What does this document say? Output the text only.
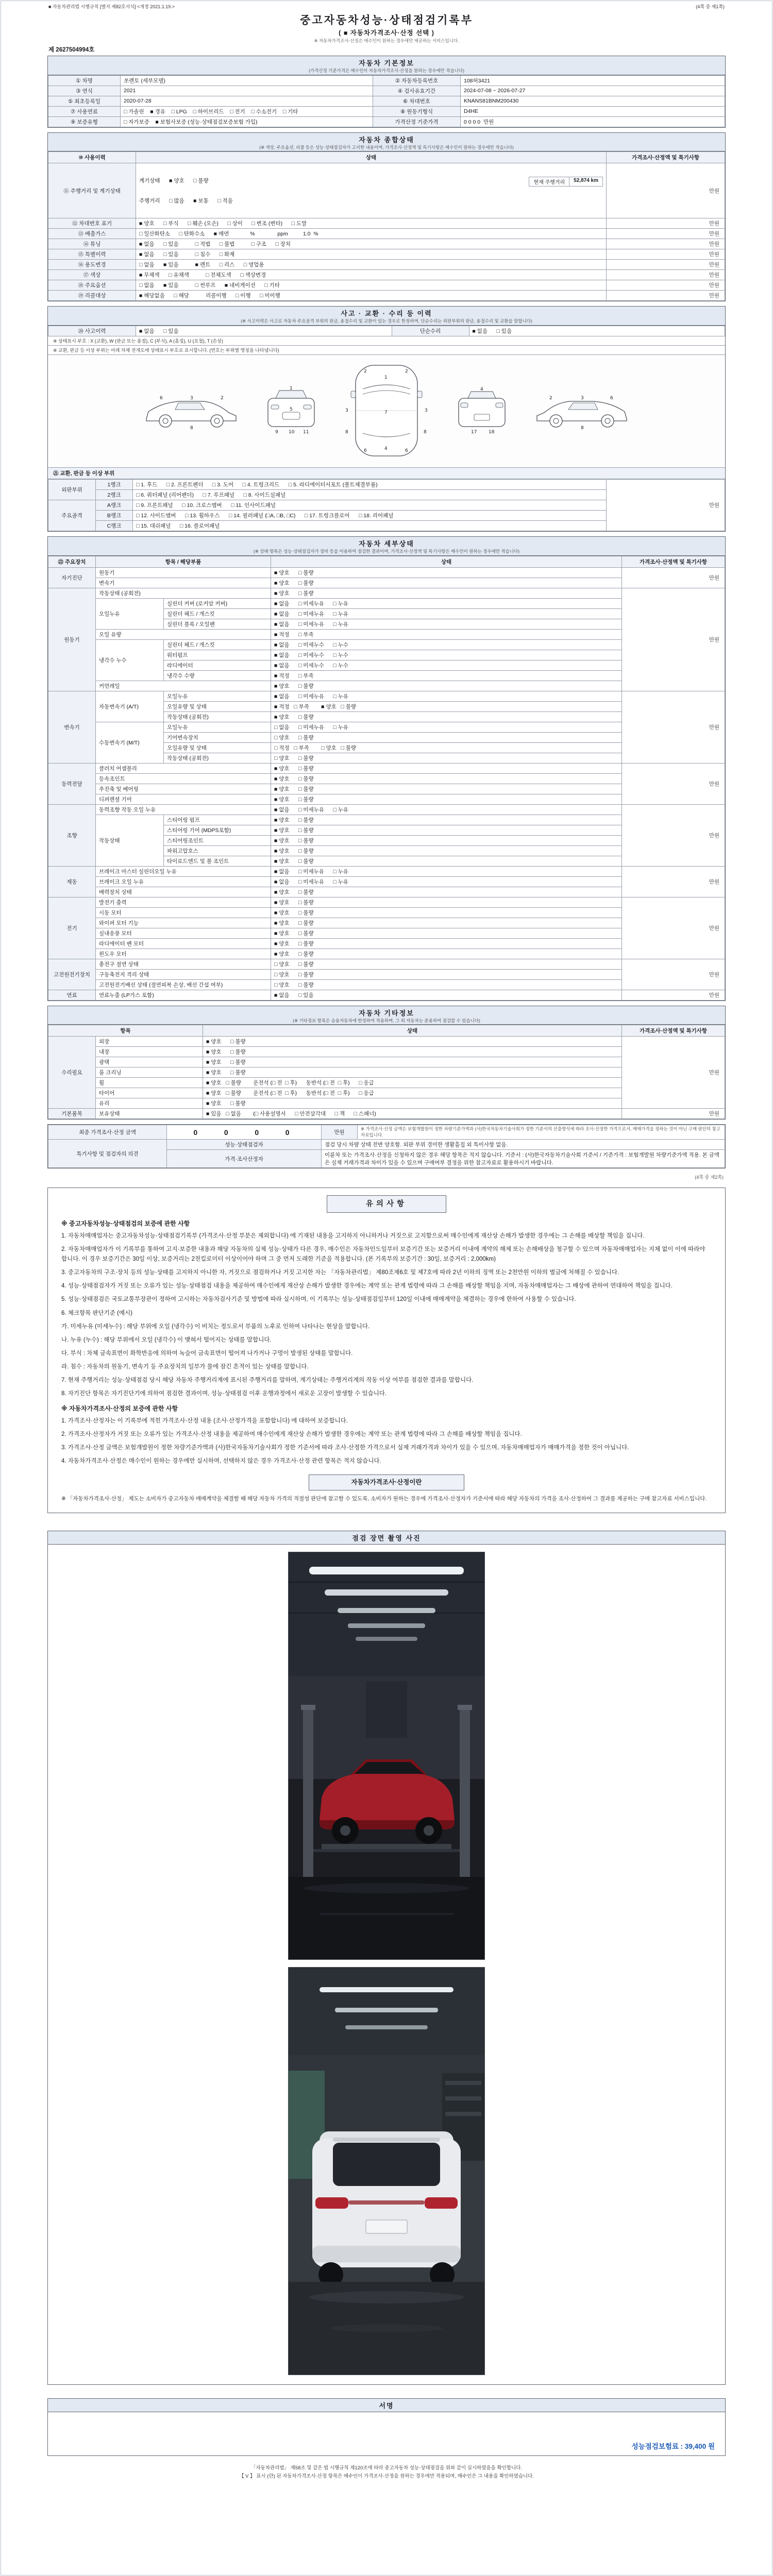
■ 자동차관리법 시행규칙 [별지 제82호서식] <개정 2021.1.19.>	(4쪽 중 제1쪽)
중고자동차성능·상태점검기록부
( ■ 자동차가격조사·산정 선택 )
※ 자동차가격조사·산정은 매수인이 원하는 경우에만 제공하는 서비스입니다.
제 2627504994호
자동차 기본정보
(가격산정 기준가격은 매수인이 자동차가격조사·산정을 원하는 경우에만 적습니다)
① 차명	쏘렌토 (세부모델)	② 자동차등록번호	108허3421
③ 연식	2021	④ 검사유효기간	2024-07-08 ~ 2026-07-27
⑤ 최초등록일	2020-07-28	⑥ 차대번호	KNANS81BNM200430
⑦ 사용연료	□ 가솔린    ■ 경유    □ LPG    □ 하이브리드    □ 전기    □ 수소전기    □ 기타	⑧ 원동기형식	D4HE
⑨ 보증유형	□ 자가보증    ■ 보험사보증 (성능·상태점검보증보험 가입)	가격산정 기준가격	0 0 0 0  만원
자동차 종합상태
(※ 색상, 주요옵션, 리콜 등은 성능·상태점검자가 고지한 내용이며, 가격조사·산정액 및 특기사항은 매수인이 원하는 경우에만 적습니다)
⑩ 사용이력	상태	가격조사·산정액 및 특기사항
⑪ 주행거리 및 계기상태	현재 주행거리 52,874 km
계기상태      ■ 양호      □ 불량

주행거리      □ 많음      ■ 보통      □ 적음	만원
⑫ 차대번호 표기	■ 양호      □ 부식      □ 훼손 (오손)      □ 상이      □ 변조 (변타)      □ 도말	만원
⑬ 배출가스	□ 일산화탄소      □ 탄화수소      ■ 매연              %               ppm          1.0  %	만원
⑭ 튜닝	■ 없음      □ 있음           □ 적법      □ 불법           □ 구조      □ 장치	만원
⑮ 특별이력	■ 없음      □ 있음           □ 침수      □ 화재	만원
⑯ 용도변경	□ 없음      ■ 있음           ■ 렌트      □ 리스      □ 영업용	만원
⑰ 색상	■ 무채색      □ 유채색           □ 전체도색      □ 색상변경	만원
⑱ 주요옵션	□ 없음      ■ 있음           □ 썬루프      ■ 네비게이션      □ 기타	만원
⑲ 리콜대상	■ 해당없음      □ 해당           리콜이행      □ 이행      □ 미이행	만원
사고 · 교환 · 수리 등 이력
(※ 사고이력은 사고로 자동차 주요골격 부위의 판금, 용접수리 및 교환이 있는 경우로 한정하며, 단순수리는 외판부위의 판금, 용접수리 및 교환을 말합니다)
⑳ 사고이력	■ 없음      □ 있음	단순수리	■ 없음      □ 있음
※ 상태표시 부호 : X (교환), W (판금 또는 용접), C (부식), A (흠집), U (요철), T (손상)
※ 교환, 판금 등 이상 부위는 아래 차체 전개도에 상태표시 부호로 표시합니다. (번호는 부위별 명칭을 나타냅니다)
2
3
6
8
1
5
9 10 11
1
7
4
2	2
3	3
6	6
8	8
4
17	18
2	3	6
8
㉑ 교환, 판금 등 이상 부위
외판부위	1랭크	□ 1. 후드      □ 2. 프론트펜더      □ 3. 도어      □ 4. 트렁크리드      □ 5. 라디에이터서포트 (볼트체결부품)	만원
	2랭크	□ 6. 쿼터패널 (리어펜더)      □ 7. 루프패널      □ 8. 사이드실패널	
주요골격	A랭크	□ 9. 프론트패널      □ 10. 크로스멤버      □ 11. 인사이드패널	
	B랭크	□ 12. 사이드멤버      □ 13. 휠하우스      □ 14. 필러패널 (□A, □B, □C)      □ 17. 트렁크플로어      □ 18. 리어패널	
	C랭크	□ 15. 대쉬패널      □ 16. 플로어패널	
자동차 세부상태
(※ 상태 항목은 성능·상태점검자가 장비 등을 이용하여 점검한 결과이며, 가격조사·산정액 및 특기사항은 매수인이 원하는 경우에만 적습니다)
㉒ 주요장치	항목 / 해당부품		상태	가격조사·산정액 및 특기사항
자기진단	원동기		■ 양호      □ 불량	만원
	변속기		■ 양호      □ 불량	
원동기	작동상태 (공회전)		■ 양호      □ 불량	만원
	오일누유	실린더 커버 (로커암 커버)	■ 없음      □ 미세누유      □ 누유	
		실린더 헤드 / 개스킷	■ 없음      □ 미세누유      □ 누유	
		실린더 블록 / 오일팬	■ 없음      □ 미세누유      □ 누유	
	오일 유량		■ 적정      □ 부족	
	냉각수 누수	실린더 헤드 / 개스킷	■ 없음      □ 미세누수      □ 누수	
		워터펌프	■ 없음      □ 미세누수      □ 누수	
		라디에이터	■ 없음      □ 미세누수      □ 누수	
		냉각수 수량	■ 적정      □ 부족	
	커먼레일		■ 양호      □ 불량	
변속기	자동변속기 (A/T)	오일누유	■ 없음      □ 미세누유      □ 누유	만원
		오일유량 및 상태	■ 적정   □ 부족        ■ 양호   □ 불량	
		작동상태 (공회전)	■ 양호      □ 불량	
	수동변속기 (M/T)	오일누유	□ 없음      □ 미세누유      □ 누유	
		기어변속장치	□ 양호      □ 불량	
		오일유량 및 상태	□ 적정   □ 부족        □ 양호   □ 불량	
		작동상태 (공회전)	□ 양호      □ 불량	
동력전달	클러치 어셈블리		■ 양호      □ 불량	만원
	등속조인트		■ 양호      □ 불량	
	추진축 및 베어링		■ 양호      □ 불량	
	디퍼렌셜 기어		■ 양호      □ 불량	
조향	동력조향 작동 오일 누유		■ 없음      □ 미세누유      □ 누유	만원
	작동상태	스티어링 펌프	■ 양호      □ 불량	
		스티어링 기어 (MDPS포함)	■ 양호      □ 불량	
		스티어링조인트	■ 양호      □ 불량	
		파워고압호스	■ 양호      □ 불량	
		타이로드엔드 및 볼 조인트	■ 양호      □ 불량	
제동	브레이크 마스터 실린더오일 누유		■ 없음      □ 미세누유      □ 누유	만원
	브레이크 오일 누유		■ 없음      □ 미세누유      □ 누유	
	배력장치 상태		■ 양호      □ 불량	
전기	발전기 출력		■ 양호      □ 불량	만원
	시동 모터		■ 양호      □ 불량	
	와이퍼 모터 기능		■ 양호      □ 불량	
	실내송풍 모터		■ 양호      □ 불량	
	라디에이터 팬 모터		■ 양호      □ 불량	
	윈도우 모터		■ 양호      □ 불량	
고전원전기장치	충전구 절연 상태		□ 양호      □ 불량	만원
	구동축전지 격리 상태		□ 양호      □ 불량	
	고전원전기배선 상태 (절연피복 손상, 배선 간섭 여부)		□ 양호      □ 불량	
연료	연료누출 (LP가스 포함)		■ 없음      □ 있음	만원
자동차 기타정보
(※ 기타정보 항목은 승용자동차에 한정하여 적용하며, 그 외 자동차는 준용하여 점검할 수 있습니다)
항목		상태	가격조사·산정액 및 특기사항
수리필요	외장	■ 양호      □ 불량	만원
	내장	■ 양호      □ 불량	
	광택	■ 양호      □ 불량	
	룸 크리닝	■ 양호      □ 불량	
	휠	■ 양호   □ 불량        운전석 (□ 전  □ 후)      동반석 (□ 전  □ 후)      □ 응급	
	타이어	■ 양호   □ 불량        운전석 (□ 전  □ 후)      동반석 (□ 전  □ 후)      □ 응급	
	유리	■ 양호      □ 불량	
기본품목	보유상태	■ 있음   □ 없음        (□ 사용설명서      □ 안전삼각대      □ 잭      □ 스패너)	만원
최종 가격조사·산정 금액	0   0   0   0	만원	※ 가격조사·산정 금액은 보험개발원이 정한 차량기준가액과 (사)한국자동차기술사회가 정한 기준서의 산출방식에 따라 조사·산정한 가격으로서, 매매가격을 정하는 것이 아닌 구매 판단의 참고자료입니다.
특기사항 및 점검자의 의견	성능·상태점검자	점검 당시 차량 상태 전반 양호함. 외판 부위 경미한 생활흠집 외 특이사항 없음.	
	가격·조사산정자	이륜차 또는 가격조사·산정을 신청하지 않은 경우 해당 항목은 적지 않습니다. 기준서 : (사)한국자동차기술사회 기준서 / 기준가격 : 보험개발원 차량기준가액 적용. 본 금액은 실제 거래가격과 차이가 있을 수 있으며 구매여부 결정을 위한 참고자료로 활용하시기 바랍니다.	
(4쪽 중 제2쪽)
유의사항
※ 중고자동차성능·상태점검의 보증에 관한 사항

1. 자동차매매업자는 중고자동차성능·상태점검기록부 (가격조사·산정 부분은 제외합니다) 에 기재된 내용을 고지하지 아니하거나 거짓으로 고지함으로써 매수인에게 재산상 손해가 발생한 경우에는 그 손해를 배상할 책임을 집니다.

2. 자동차매매업자가 이 기록부를 통하여 고지·보증한 내용과 해당 자동차의 실제 성능·상태가 다른 경우, 매수인은 자동차인도일부터 보증기간 또는 보증거리 이내에 계약의 해제 또는 손해배상을 청구할 수 있으며 자동차매매업자는 지체 없이 이에 따라야 합니다. 이 경우 보증기간은 30일 이상, 보증거리는 2천킬로미터 이상이어야 하며 그 중 먼저 도래한 기준을 적용합니다. (본 기록부의 보증기간 : 30일, 보증거리 : 2,000km)

3. 중고자동차의 구조·장치 등의 성능·상태를 고지하지 아니한 자, 거짓으로 점검하거나 거짓 고지한 자는 「자동차관리법」 제80조제6호 및 제7호에 따라 2년 이하의 징역 또는 2천만원 이하의 벌금에 처해질 수 있습니다.

4. 성능·상태점검자가 거짓 또는 오류가 있는 성능·상태점검 내용을 제공하여 매수인에게 재산상 손해가 발생한 경우에는 계약 또는 관계 법령에 따라 그 손해를 배상할 책임을 지며, 자동차매매업자는 그 배상에 관하여 연대하여 책임을 집니다.

5. 성능·상태점검은 국토교통부장관이 정하여 고시하는 자동차검사기준 및 방법에 따라 실시하며, 이 기록부는 성능·상태점검일부터 120일 이내에 매매계약을 체결하는 경우에 한하여 사용할 수 있습니다.

6. 체크항목 판단기준 (예시)

가. 미세누유 (미세누수) : 해당 부위에 오일 (냉각수) 이 비치는 정도로서 부품의 노후로 인하여 나타나는 현상을 말합니다.

나. 누유 (누수) : 해당 부위에서 오일 (냉각수) 이 맺혀서 떨어지는 상태를 말합니다.

다. 부식 : 차체 금속표면이 화학반응에 의하여 녹슬어 금속표면이 떨어져 나가거나 구멍이 발생된 상태를 말합니다.

라. 침수 : 자동차의 원동기, 변속기 등 주요장치의 일부가 물에 잠긴 흔적이 있는 상태를 말합니다.

7. 현재 주행거리는 성능·상태점검 당시 해당 자동차 주행거리계에 표시된 주행거리를 말하며, 계기상태는 주행거리계의 작동 이상 여부를 점검한 결과를 말합니다.

8. 자기진단 항목은 자기진단기에 의하여 점검한 결과이며, 성능·상태점검 이후 운행과정에서 새로운 고장이 발생할 수 있습니다.

※ 자동차가격조사·산정의 보증에 관한 사항

1. 가격조사·산정자는 이 기록부에 적힌 가격조사·산정 내용 (조사·산정가격을 포함합니다) 에 대하여 보증합니다.

2. 가격조사·산정자가 거짓 또는 오류가 있는 가격조사·산정 내용을 제공하여 매수인에게 재산상 손해가 발생한 경우에는 계약 또는 관계 법령에 따라 그 손해를 배상할 책임을 집니다.

3. 가격조사·산정 금액은 보험개발원이 정한 차량기준가액과 (사)한국자동차기술사회가 정한 기준서에 따라 조사·산정한 가격으로서 실제 거래가격과 차이가 있을 수 있으며, 자동차매매업자가 매매가격을 정한 것이 아닙니다.

4. 자동차가격조사·산정은 매수인이 원하는 경우에만 실시하며, 선택하지 않은 경우 가격조사·산정 관련 항목은 적지 않습니다.

자동차가격조사·산정이란
※ 「자동차가격조사·산정」 제도는 소비자가 중고자동차 매매계약을 체결할 때 해당 자동차 가격의 적절성 판단에 참고할 수 있도록, 소비자가 원하는 경우에 가격조사·산정자가 기준서에 따라 해당 자동차의 가격을 조사·산정하여 그 결과를 제공하는 구매 참고자료 서비스입니다.
점검 장면 촬영 사진
서명
성능점검보험료 : 39,400 원

「자동차관리법」 제58조 및 같은 법 시행규칙 제120조에 따라 중고자동차 성능·상태점검을 위와 같이 실시하였음을 확인합니다.

【 V 】 표시 (란) 된 자동차가격조사·산정 항목은 매수인이 가격조사·산정을 원하는 경우에만 적용되며, 매수인은 그 내용을 확인하였습니다.
